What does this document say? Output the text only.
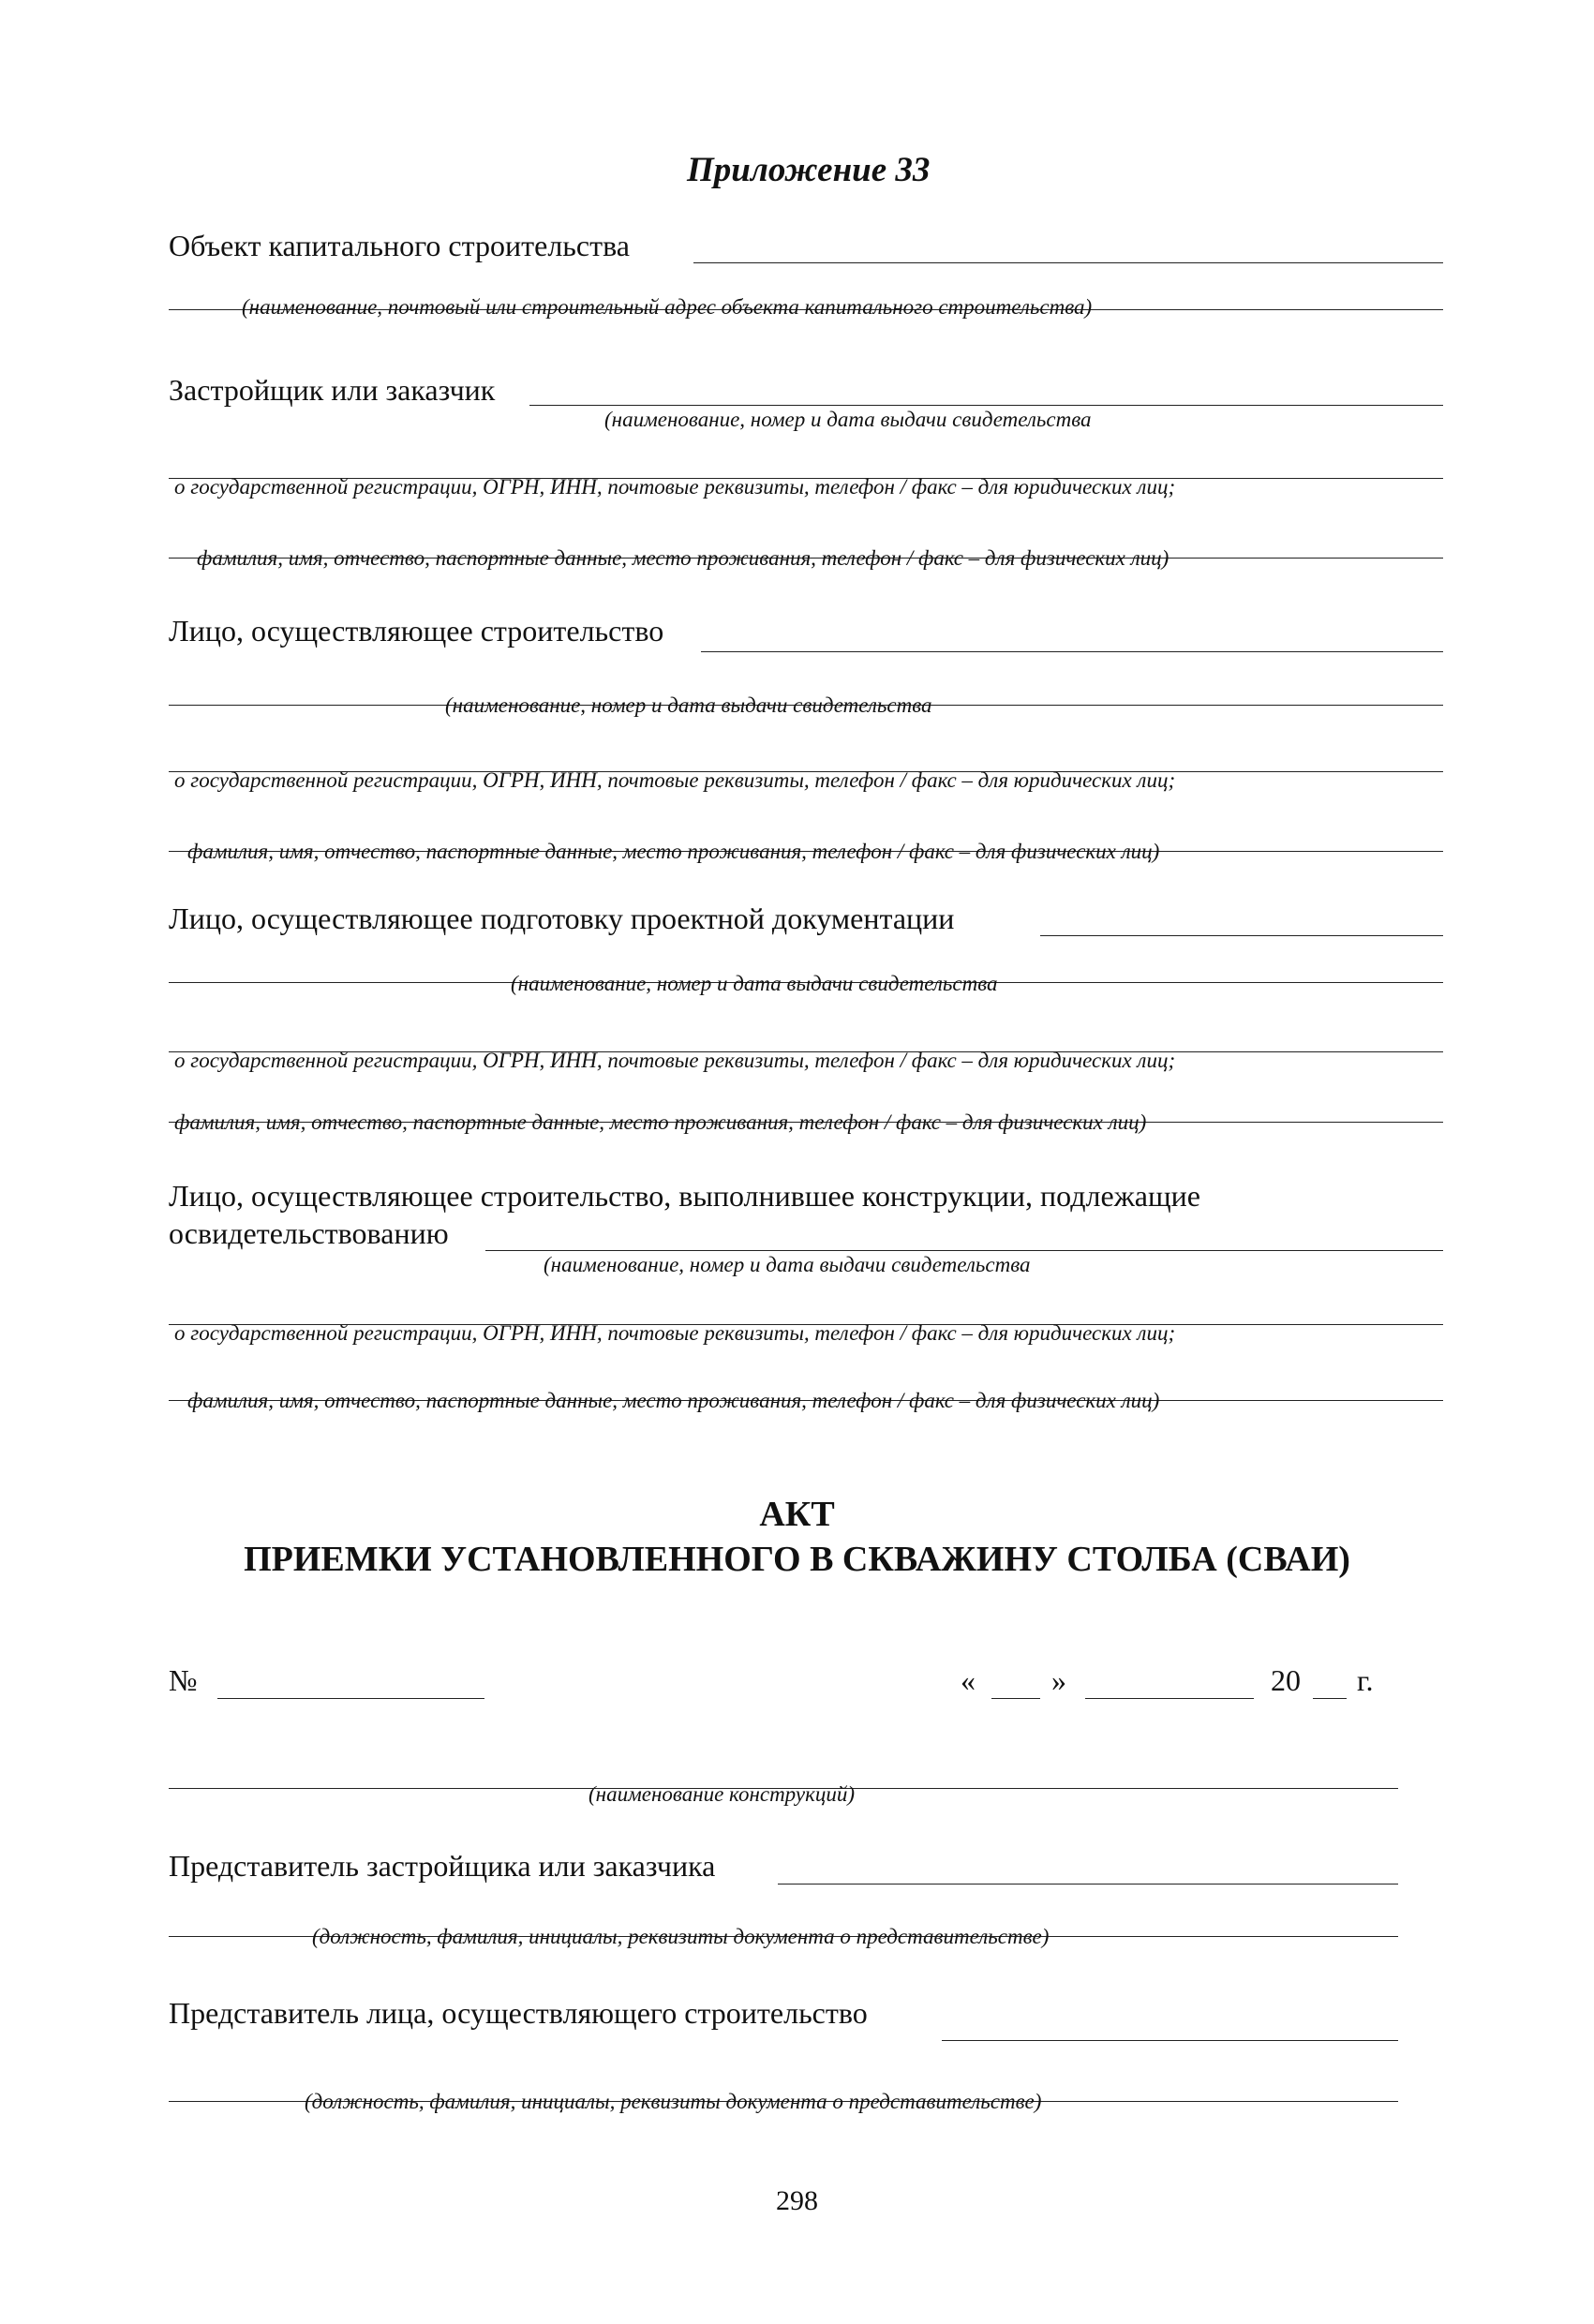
Приложение 33
Объект капитального строительства
(наименование, почтовый или строительный адрес объекта капитального строительства)
Застройщик или заказчик
(наименование, номер и дата выдачи свидетельства
о государственной регистрации, ОГРН, ИНН, почтовые реквизиты, телефон / факс – для юридических лиц;
фамилия, имя, отчество, паспортные данные, место проживания, телефон / факс – для физических лиц)
Лицо, осуществляющее строительство
(наименование, номер и дата выдачи свидетельства
о государственной регистрации, ОГРН, ИНН, почтовые реквизиты, телефон / факс – для юридических лиц;
фамилия, имя, отчество, паспортные данные, место проживания, телефон / факс – для физических лиц)
Лицо, осуществляющее подготовку проектной документации
(наименование, номер и дата выдачи свидетельства
о государственной регистрации, ОГРН, ИНН, почтовые реквизиты, телефон / факс – для юридических лиц;
фамилия, имя, отчество, паспортные данные, место проживания, телефон / факс – для физических лиц)
Лицо, осуществляющее строительство, выполнившее конструкции, подлежащие
освидетельствованию
(наименование, номер и дата выдачи свидетельства
о государственной регистрации, ОГРН, ИНН, почтовые реквизиты, телефон / факс – для юридических лиц;
фамилия, имя, отчество, паспортные данные, место проживания, телефон / факс – для физических лиц)
АКТ
ПРИЕМКИ УСТАНОВЛЕННОГО В СКВАЖИНУ СТОЛБА (СВАИ)
№	«	»	20 г.
(наименование конструкций)
Представитель застройщика или заказчика
(должность, фамилия, инициалы, реквизиты документа о представительстве)
Представитель лица, осуществляющего строительство
(должность, фамилия, инициалы, реквизиты документа о представительстве)
298
